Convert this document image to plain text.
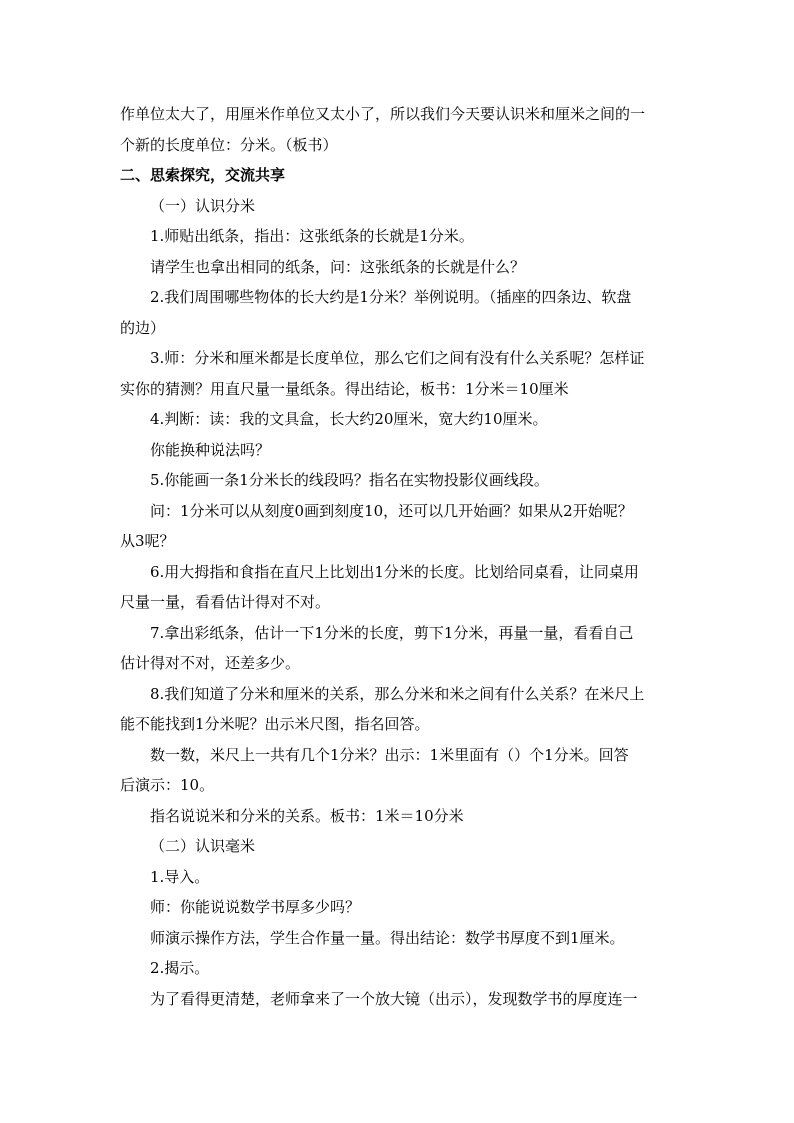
作单位太大了，用厘米作单位又太小了，所以我们今天要认识米和厘米之间的一
个新的长度单位：分米。（板书）
二、思索探究，交流共享
（一）认识分米
1.师贴出纸条，指出：这张纸条的长就是1分米。
请学生也拿出相同的纸条，问：这张纸条的长就是什么？
2.我们周围哪些物体的长大约是1分米？举例说明。（插座的四条边、软盘
的边）
3.师：分米和厘米都是长度单位，那么它们之间有没有什么关系呢？怎样证
实你的猜测？用直尺量一量纸条。得出结论，板书：1分米＝10厘米
4.判断：读：我的文具盒，长大约20厘米，宽大约10厘米。
你能换种说法吗？
5.你能画一条1分米长的线段吗？指名在实物投影仪画线段。
问：1分米可以从刻度0画到刻度10，还可以几开始画？如果从2开始呢？
从3呢？
6.用大拇指和食指在直尺上比划出1分米的长度。比划给同桌看，让同桌用
尺量一量，看看估计得对不对。
7.拿出彩纸条，估计一下1分米的长度，剪下1分米，再量一量，看看自己
估计得对不对，还差多少。
8.我们知道了分米和厘米的关系，那么分米和米之间有什么关系？在米尺上
能不能找到1分米呢？出示米尺图，指名回答。
数一数，米尺上一共有几个1分米？出示：1米里面有（）个1分米。回答
后演示：10。
指名说说米和分米的关系。板书：1米＝10分米
（二）认识毫米
1.导入。
师：你能说说数学书厚多少吗？
师演示操作方法，学生合作量一量。得出结论：数学书厚度不到1厘米。
2.揭示。
为了看得更清楚，老师拿来了一个放大镜（出示），发现数学书的厚度连一
